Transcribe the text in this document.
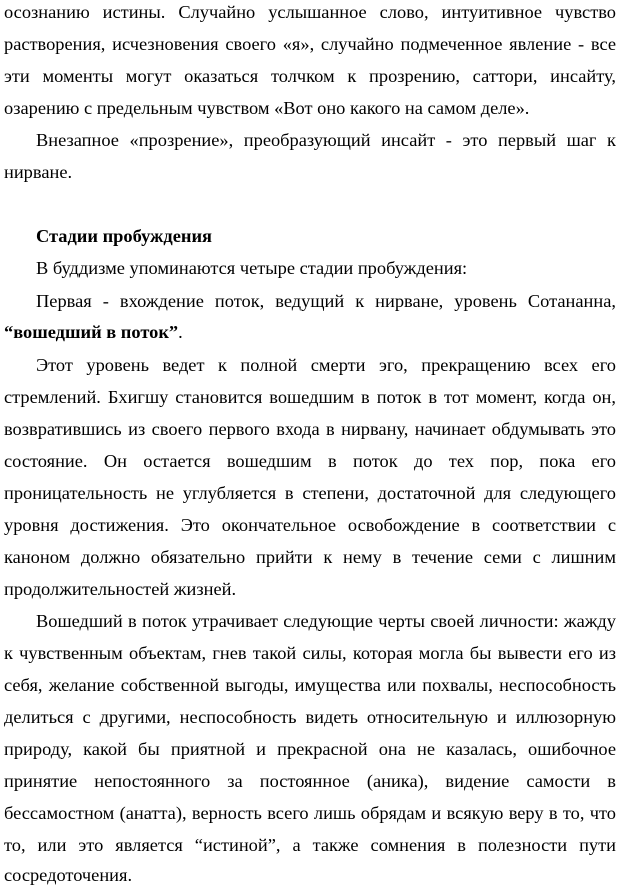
осознанию истины. Случайно услышанное слово, интуитивное чувство
растворения, исчезновения своего «я», случайно подмеченное явление - все
эти моменты могут оказаться толчком к прозрению, саттори, инсайту,
озарению с предельным чувством «Вот оно какого на самом деле».
Внезапное «прозрение», преобразующий инсайт - это первый шаг к
нирване.
Стадии пробуждения
В буддизме упоминаются четыре стадии пробуждения:
Первая - вхождение поток, ведущий к нирване, уровень Сотананна,
“вошедший в поток”.
Этот уровень ведет к полной смерти эго, прекращению всех его
стремлений. Бхигшу становится вошедшим в поток в тот момент, когда он,
возвратившись из своего первого входа в нирвану, начинает обдумывать это
состояние. Он остается вошедшим в поток до тех пор, пока его
проницательность не углубляется в степени, достаточной для следующего
уровня достижения. Это окончательное освобождение в соответствии с
каноном должно обязательно прийти к нему в течение семи с лишним
продолжительностей жизней.
Вошедший в поток утрачивает следующие черты своей личности: жажду
к чувственным объектам, гнев такой силы, которая могла бы вывести его из
себя, желание собственной выгоды, имущества или похвалы, неспособность
делиться с другими, неспособность видеть относительную и иллюзорную
природу, какой бы приятной и прекрасной она не казалась, ошибочное
принятие непостоянного за постоянное (аника), видение самости в
бессамостном (анатта), верность всего лишь обрядам и всякую веру в то, что
то, или это является “истиной”, а также сомнения в полезности пути
сосредоточения.
